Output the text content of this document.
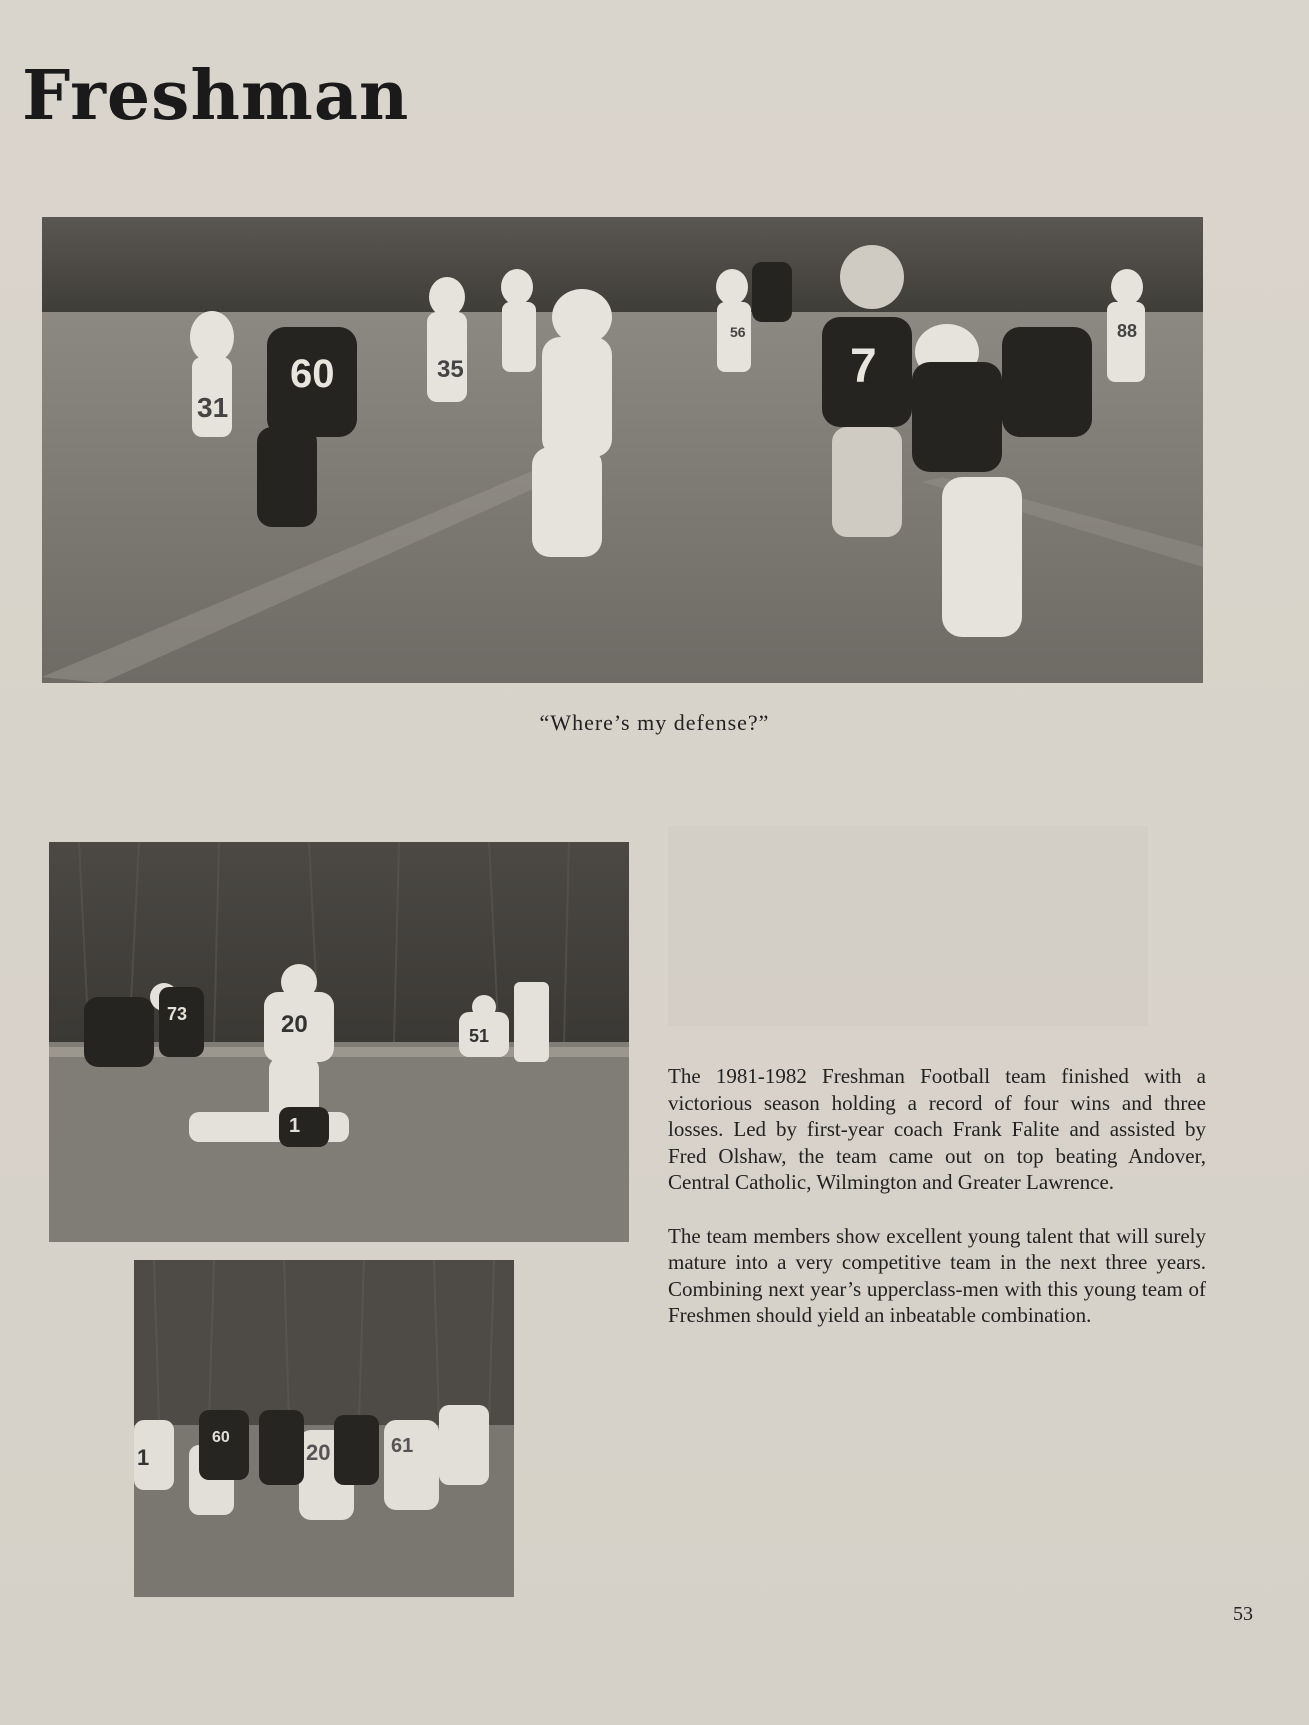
Freshman
31
35
56	88
60	7
“Where’s my defense?”
73	20	51
1
1
60
20	61

The 1981-1982 Freshman Football team finished with a victorious season holding a record of four wins and three losses. Led by first-year coach Frank Falite and assisted by Fred Olshaw, the team came out on top beating Andover, Central Catholic, Wilmington and Greater Lawrence.

The team members show excellent young talent that will surely mature into a very competitive team in the next three years. Combining next year’s upperclass-men with this young team of Freshmen should yield an inbeatable combination.

53
